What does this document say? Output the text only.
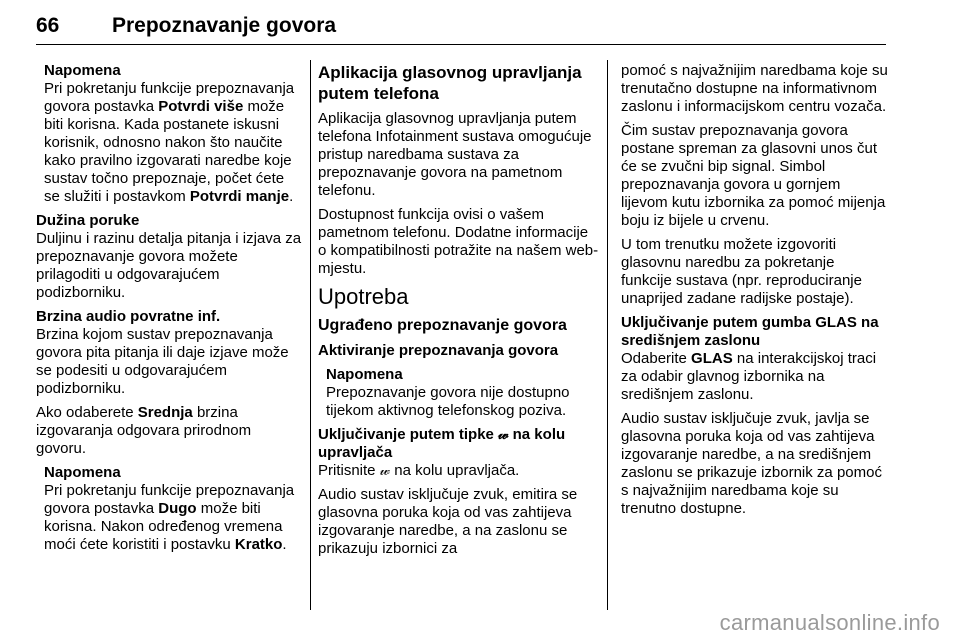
66	Prepoznavanje govora

Napomena

Pri pokretanju funkcije prepoznavanja govora postavka Potvrdi više može biti korisna. Kada postanete iskusni korisnik, odnosno nakon što naučite kako pravilno izgovarati naredbe koje sustav točno prepoznaje, počet ćete se služiti i postavkom Potvrdi manje.

Dužina poruke

Duljinu i razinu detalja pitanja i izjava za prepoznavanje govora možete prilagoditi u odgovarajućem podizborniku.

Brzina audio povratne inf.

Brzina kojom sustav prepoznavanja govora pita pitanja ili daje izjave može se podesiti u odgovarajućem podizborniku.

Ako odaberete Srednja brzina izgovaranja odgovara prirodnom govoru.

Napomena

Pri pokretanju funkcije prepoznavanja govora postavka Dugo može biti korisna. Nakon određenog vremena moći ćete koristiti i postavku Kratko.

Aplikacija glasovnog upravljanja putem telefona

Aplikacija glasovnog upravljanja putem telefona Infotainment sustava omogućuje pristup naredbama sustava za prepoznavanje govora na pametnom telefonu.

Dostupnost funkcija ovisi o vašem pametnom telefonu. Dodatne informacije o kompatibilnosti potražite na našem web-mjestu.

Upotreba

Ugrađeno prepoznavanje govora

Aktiviranje prepoznavanja govora

Napomena

Prepoznavanje govora nije dostupno tijekom aktivnog telefonskog poziva.

Uključivanje putem tipke 𝓌 na kolu upravljača

Pritisnite 𝓌 na kolu upravljača.

Audio sustav isključuje zvuk, emitira se glasovna poruka koja od vas zahtijeva izgovaranje naredbe, a na zaslonu se prikazuju izbornici za

pomoć s najvažnijim naredbama koje su trenutačno dostupne na informativnom zaslonu i informacijskom centru vozača.

Čim sustav prepoznavanja govora postane spreman za glasovni unos čut će se zvučni bip signal. Simbol prepoznavanja govora u gornjem lijevom kutu izbornika za pomoć mijenja boju iz bijele u crvenu.

U tom trenutku možete izgovoriti glasovnu naredbu za pokretanje funkcije sustava (npr. reproduciranje unaprijed zadane radijske postaje).

Uključivanje putem gumba GLAS na središnjem zaslonu

Odaberite GLAS na interakcijskoj traci za odabir glavnog izbornika na središnjem zaslonu.

Audio sustav isključuje zvuk, javlja se glasovna poruka koja od vas zahtijeva izgovaranje naredbe, a na središnjem zaslonu se prikazuje izbornik za pomoć s najvažnijim naredbama koje su trenutno dostupne.

carmanualsonline.info
